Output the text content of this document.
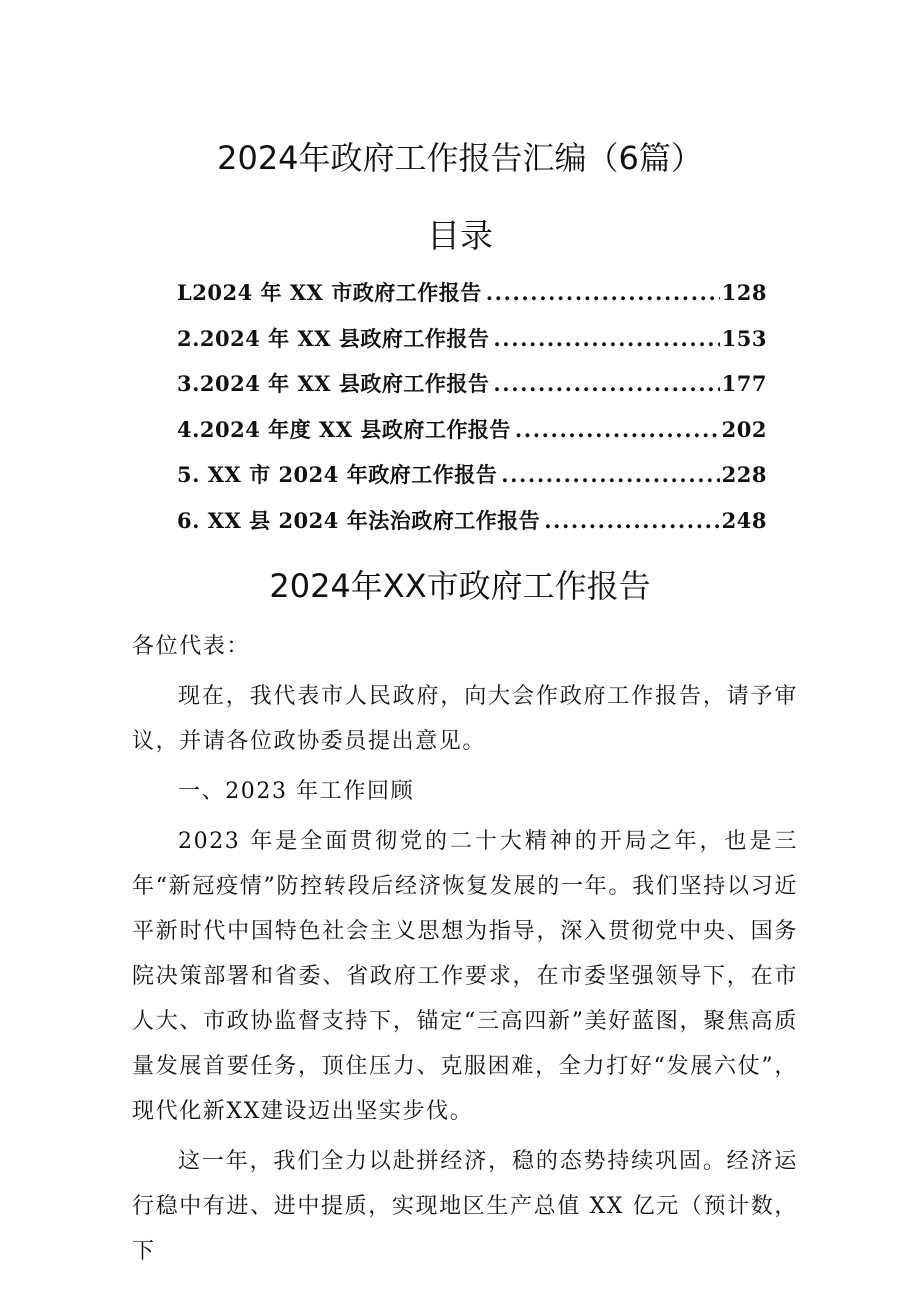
2024年政府工作报告汇编（6篇）
目录
L2024 年 XX 市政府工作报告 .....	128
2.2024 年 XX 县政府工作报告 .....	153
3.2024 年 XX 县政府工作报告 .....	177
4.2024 年度 XX 县政府工作报告 .....	202
5. XX 市 2024 年政府工作报告 .....	228
6. XX 县 2024 年法治政府工作报告 .....	248
2024年XX市政府工作报告

各位代表：

现在，我代表市人民政府，向大会作政府工作报告，请予审议，并请各位政协委员提出意见。

一、2023 年工作回顾

2023 年是全面贯彻党的二十大精神的开局之年，也是三年“新冠疫情”防控转段后经济恢复发展的一年。我们坚持以习近平新时代中国特色社会主义思想为指导，深入贯彻党中央、国务院决策部署和省委、省政府工作要求，在市委坚强领导下，在市人大、市政协监督支持下，锚定“三高四新”美好蓝图，聚焦高质量发展首要任务，顶住压力、克服困难，全力打好“发展六仗”，现代化新XX建设迈出坚实步伐。

这一年，我们全力以赴拼经济，稳的态势持续巩固。经济运行稳中有进、进中提质，实现地区生产总值 XX 亿元（预计数，下
